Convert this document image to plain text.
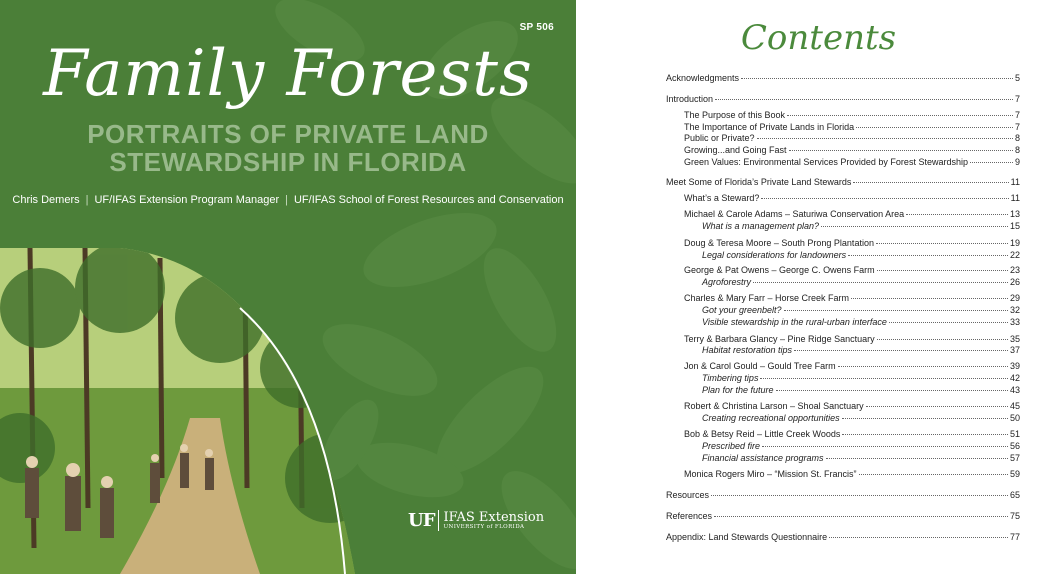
SP 506
Family Forests
PORTRAITS OF PRIVATE LAND
STEWARDSHIP IN FLORIDA
Chris Demers | UF/IFAS Extension Program Manager | UF/IFAS School of Forest Resources and Conservation
UF IFAS Extension
UNIVERSITY of FLORIDA
Contents
Acknowledgments	5
Introduction	7
The Purpose of this Book	7
The Importance of Private Lands in Florida	7
Public or Private?	8
Growing...and Going Fast	8
Green Values: Environmental Services Provided by Forest Stewardship	9
Meet Some of Florida’s Private Land Stewards	11
What’s a Steward?	11
Michael & Carole Adams – Saturiwa Conservation Area	13
What is a management plan?	15
Doug & Teresa Moore – South Prong Plantation	19
Legal considerations for landowners	22
George & Pat Owens – George C. Owens Farm	23
Agroforestry	26
Charles & Mary Farr – Horse Creek Farm	29
Got your greenbelt?	32
Visible stewardship in the rural-urban interface	33
Terry & Barbara Glancy – Pine Ridge Sanctuary	35
Habitat restoration tips	37
Jon & Carol Gould – Gould Tree Farm	39
Timbering tips	42
Plan for the future	43
Robert & Christina Larson – Shoal Sanctuary	45
Creating recreational opportunities	50
Bob & Betsy Reid – Little Creek Woods	51
Prescribed fire	56
Financial assistance programs	57
Monica Rogers Miro – “Mission St. Francis”	59
Resources	65
References	75
Appendix: Land Stewards Questionnaire	77
